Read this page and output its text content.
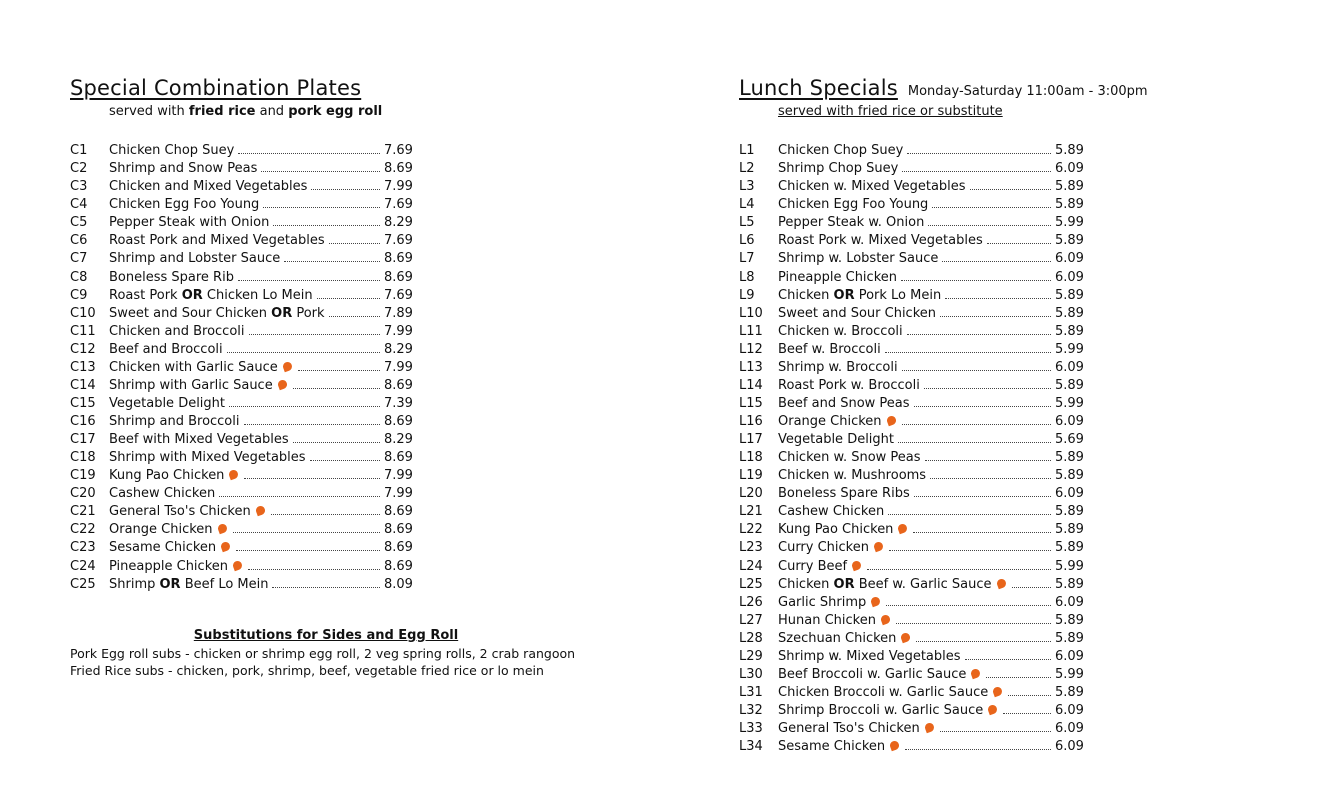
Special Combination Plates
served with fried rice and pork egg roll
C1	Chicken Chop Suey	7.69
C2	Shrimp and Snow Peas	8.69
C3	Chicken and Mixed Vegetables	7.99
C4	Chicken Egg Foo Young	7.69
C5	Pepper Steak with Onion	8.29
C6	Roast Pork and Mixed Vegetables	7.69
C7	Shrimp and Lobster Sauce	8.69
C8	Boneless Spare Rib	8.69
C9	Roast Pork OR Chicken Lo Mein	7.69
C10	Sweet and Sour Chicken OR Pork	7.89
C11	Chicken and Broccoli	7.99
C12	Beef and Broccoli	8.29
C13	Chicken with Garlic Sauce	7.99
C14	Shrimp with Garlic Sauce	8.69
C15	Vegetable Delight	7.39
C16	Shrimp and Broccoli	8.69
C17	Beef with Mixed Vegetables	8.29
C18	Shrimp with Mixed Vegetables	8.69
C19	Kung Pao Chicken	7.99
C20	Cashew Chicken	7.99
C21	General Tso's Chicken	8.69
C22	Orange Chicken	8.69
C23	Sesame Chicken	8.69
C24	Pineapple Chicken	8.69
C25	Shrimp OR Beef Lo Mein	8.09
Lunch Specials Monday-Saturday 11:00am - 3:00pm
served with fried rice or substitute
L1	Chicken Chop Suey	5.89
L2	Shrimp Chop Suey	6.09
L3	Chicken w. Mixed Vegetables	5.89
L4	Chicken Egg Foo Young	5.89
L5	Pepper Steak w. Onion	5.99
L6	Roast Pork w. Mixed Vegetables	5.89
L7	Shrimp w. Lobster Sauce	6.09
L8	Pineapple Chicken	6.09
L9	Chicken OR Pork Lo Mein	5.89
L10	Sweet and Sour Chicken	5.89
L11	Chicken w. Broccoli	5.89
L12	Beef w. Broccoli	5.99
L13	Shrimp w. Broccoli	6.09
L14	Roast Pork w. Broccoli	5.89
L15	Beef and Snow Peas	5.99
L16	Orange Chicken	6.09
L17	Vegetable Delight	5.69
L18	Chicken w. Snow Peas	5.89
L19	Chicken w. Mushrooms	5.89
L20	Boneless Spare Ribs	6.09
L21	Cashew Chicken	5.89
L22	Kung Pao Chicken	5.89
L23	Curry Chicken	5.89
L24	Curry Beef	5.99
L25	Chicken OR Beef w. Garlic Sauce	5.89
L26	Garlic Shrimp	6.09
L27	Hunan Chicken	5.89
L28	Szechuan Chicken	5.89
L29	Shrimp w. Mixed Vegetables	6.09
L30	Beef Broccoli w. Garlic Sauce	5.99
L31	Chicken Broccoli w. Garlic Sauce	5.89
L32	Shrimp Broccoli w. Garlic Sauce	6.09
L33	General Tso's Chicken	6.09
L34	Sesame Chicken	6.09
Substitutions for Sides and Egg Roll
Pork Egg roll subs - chicken or shrimp egg roll, 2 veg spring rolls, 2 crab rangoon
Fried Rice subs - chicken, pork, shrimp, beef, vegetable fried rice or lo mein
